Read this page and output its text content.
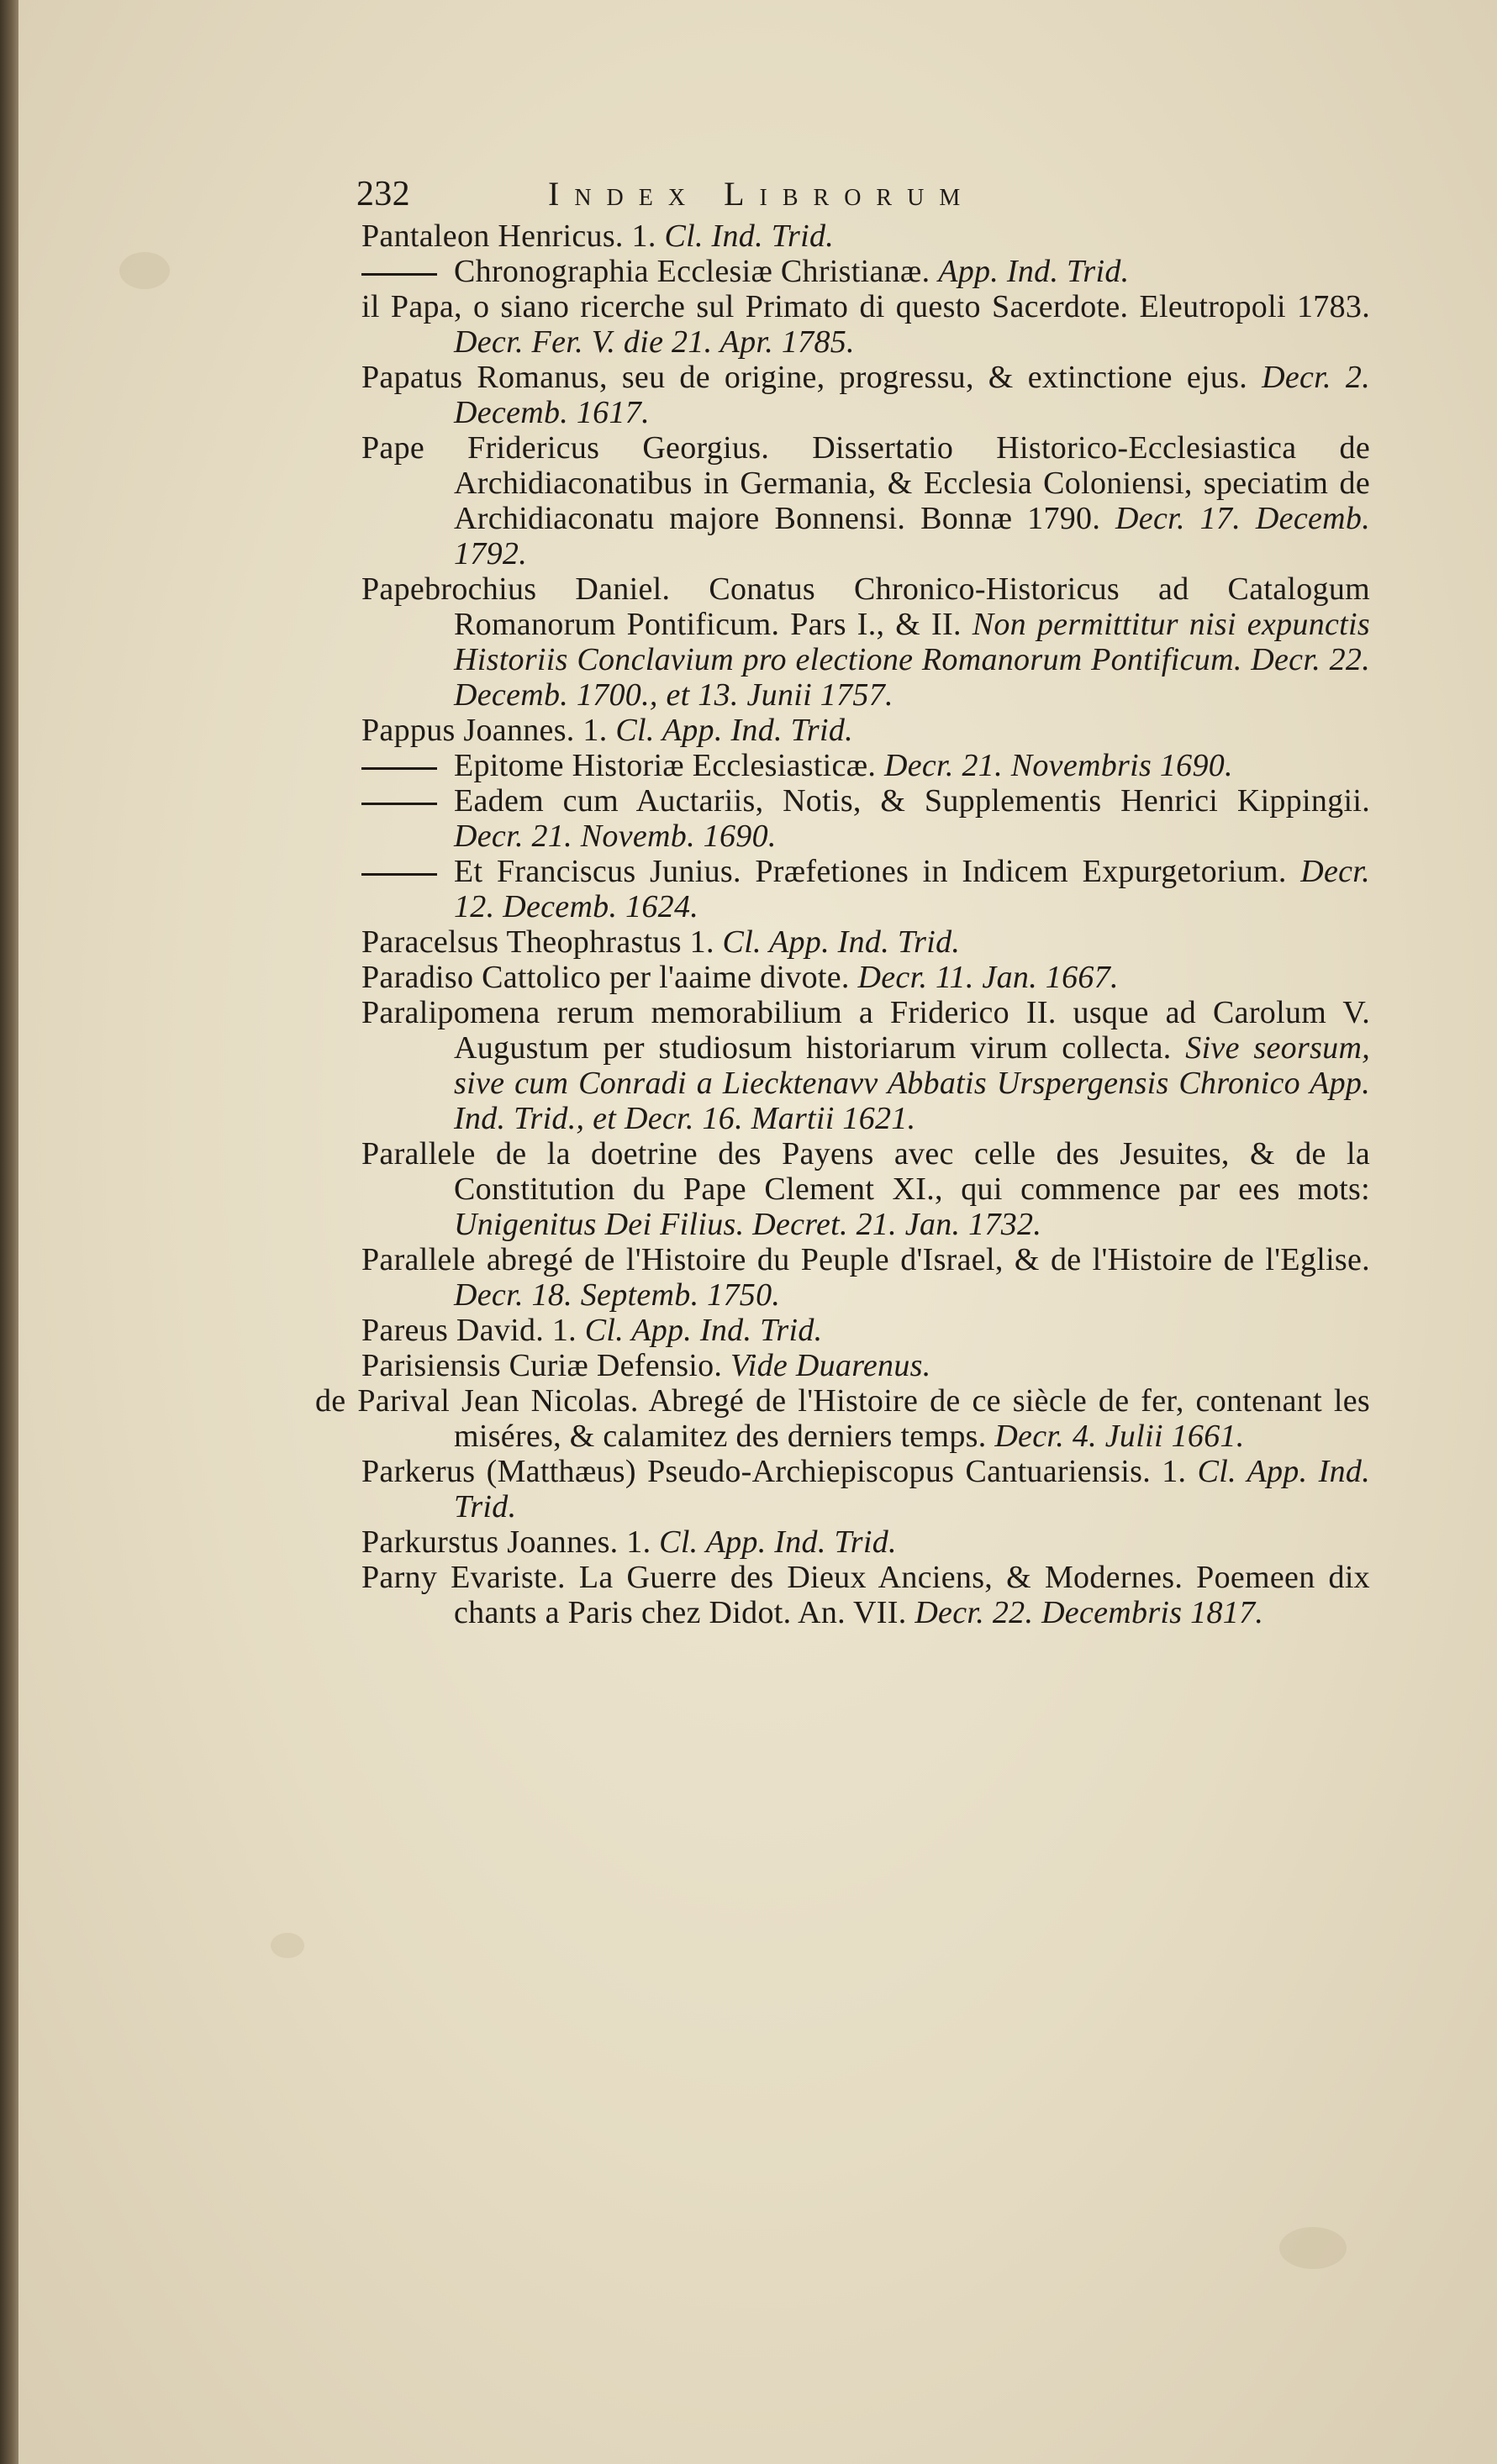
232	Index Librorum

Pantaleon Henricus. 1. Cl. Ind. Trid.

Chronographia Ecclesiæ Christianæ. App. Ind. Trid.

il Papa, o siano ricerche sul Primato di questo Sacerdote. Eleutropoli 1783. Decr. Fer. V. die 21. Apr. 1785.

Papatus Romanus, seu de origine, progressu, & extinctione ejus. Decr. 2. Decemb. 1617.

Pape Fridericus Georgius. Dissertatio Historico-Ecclesiastica de Archidiaconatibus in Germania, & Ecclesia Coloniensi, speciatim de Archidiaconatu majore Bonnensi. Bonnæ 1790. Decr. 17. Decemb. 1792.

Papebrochius Daniel. Conatus Chronico-Historicus ad Catalogum Romanorum Pontificum. Pars I., & II. Non permittitur nisi expunctis Historiis Conclavium pro electione Romanorum Pontificum. Decr. 22. Decemb. 1700., et 13. Junii 1757.

Pappus Joannes. 1. Cl. App. Ind. Trid.

Epitome Historiæ Ecclesiasticæ. Decr. 21. Novembris 1690.

Eadem cum Auctariis, Notis, & Supplementis Henrici Kippingii. Decr. 21. Novemb. 1690.

Et Franciscus Junius. Præfetiones in Indicem Expurgetorium. Decr. 12. Decemb. 1624.

Paracelsus Theophrastus 1. Cl. App. Ind. Trid.

Paradiso Cattolico per l'aaime divote. Decr. 11. Jan. 1667.

Paralipomena rerum memorabilium a Friderico II. usque ad Carolum V. Augustum per studiosum historiarum virum collecta. Sive seorsum, sive cum Conradi a Liecktenavv Abbatis Urspergensis Chronico App. Ind. Trid., et Decr. 16. Martii 1621.

Parallele de la doetrine des Payens avec celle des Jesuites, & de la Constitution du Pape Clement XI., qui commence par ees mots: Unigenitus Dei Filius. Decret. 21. Jan. 1732.

Parallele abregé de l'Histoire du Peuple d'Israel, & de l'Histoire de l'Eglise. Decr. 18. Septemb. 1750.

Pareus David. 1. Cl. App. Ind. Trid.

Parisiensis Curiæ Defensio. Vide Duarenus.

de Parival Jean Nicolas. Abregé de l'Histoire de ce siècle de fer, contenant les miséres, & calamitez des derniers temps. Decr. 4. Julii 1661.

Parkerus (Matthæus) Pseudo-Archiepiscopus Cantuariensis. 1. Cl. App. Ind. Trid.

Parkurstus Joannes. 1. Cl. App. Ind. Trid.

Parny Evariste. La Guerre des Dieux Anciens, & Modernes. Poemeen dix chants a Paris chez Didot. An. VII. Decr. 22. Decembris 1817.
